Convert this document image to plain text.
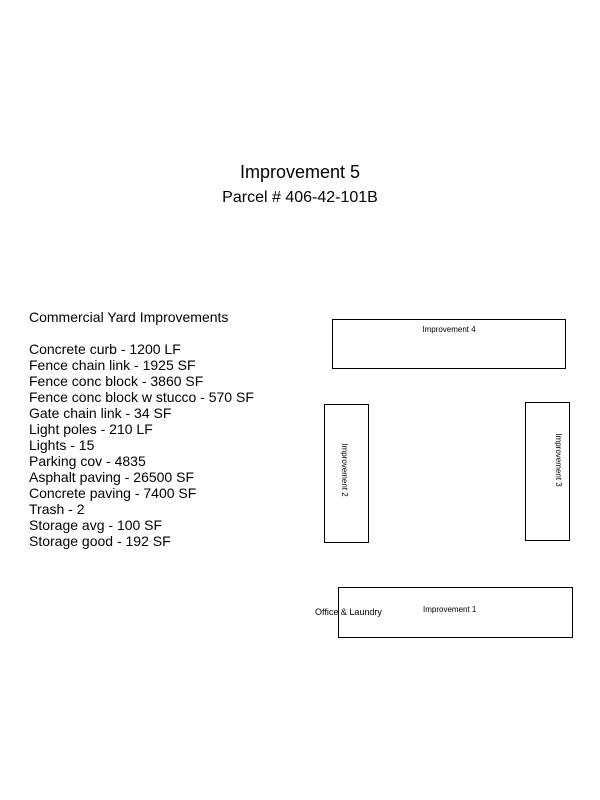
Improvement 5
Parcel # 406-42-101B
Commercial Yard Improvements
Concrete curb - 1200 LF
Fence chain link - 1925 SF
Fence conc block - 3860 SF
Fence conc block w stucco - 570 SF
Gate chain link - 34 SF
Light poles - 210 LF
Lights - 15
Parking cov - 4835
Asphalt paving - 26500 SF
Concrete paving - 7400 SF
Trash - 2
Storage avg - 100 SF
Storage good - 192 SF
Improvement 4
Improvement 2	Improvement 3
Improvement 1
Office & Laundry
